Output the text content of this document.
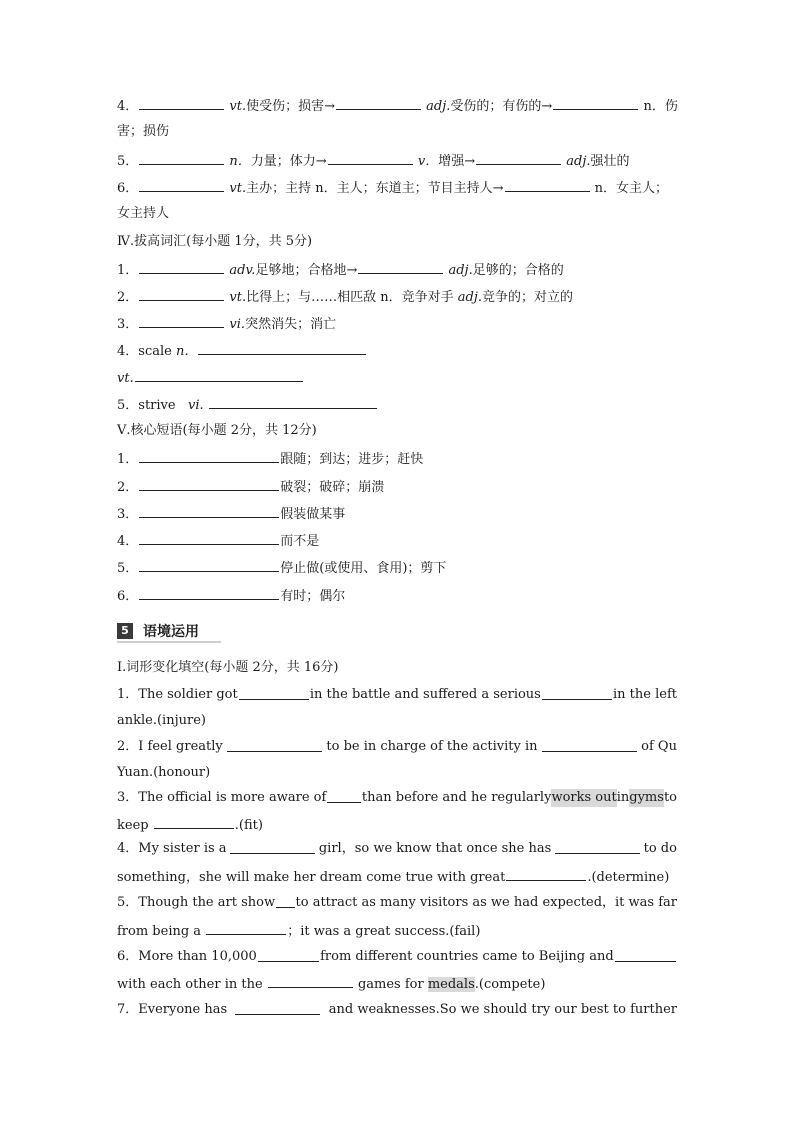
4．	vt.使受伤；损害→	adj.受伤的；有伤的→	n．伤
害；损伤
5．	n．力量；体力→	v．增强→	adj.强壮的
6．	vt.主办；主持 n．主人；东道主；节目主持人→	n．女主人；
女主持人
Ⅳ.拔高词汇(每小题 1分，共 5分)
1．	adv.足够地；合格地→	adj.足够的；合格的
2．	vt.比得上；与……相匹敌 n．竞争对手 adj.竞争的；对立的
3．	vi.突然消失；消亡
4．scale n．
vt.
5．strive vi.
Ⅴ.核心短语(每小题 2分，共 12分)
1．	跟随；到达；进步；赶快
2．	破裂；破碎；崩溃
3．	假装做某事
4．	而不是
5．	停止做(或使用、食用)；剪下
6．	有时；偶尔
5 语境运用
Ⅰ.词形变化填空(每小题 2分，共 16分)
1．The soldier got	in the battle and suffered a serious	in the left
ankle.(injure)
2．I feel greatly	to be in charge of the activity in	of Qu
Yuan.(honour)
3．The official is more aware of	than before and he regularly works out in gyms to
keep	.(fit)
4．My sister is a	girl，so we know that once she has	to do
something，she will make her dream come true with great	.(determine)
5．Though the art show to attract as many visitors as we had expected，it was far
from being a	；it was a great success.(fail)
6．More than 10,000	from different countries came to Beijing and
with each other in the	games for medals.(compete)
7．Everyone has	and weaknesses.So we should try our best to further
